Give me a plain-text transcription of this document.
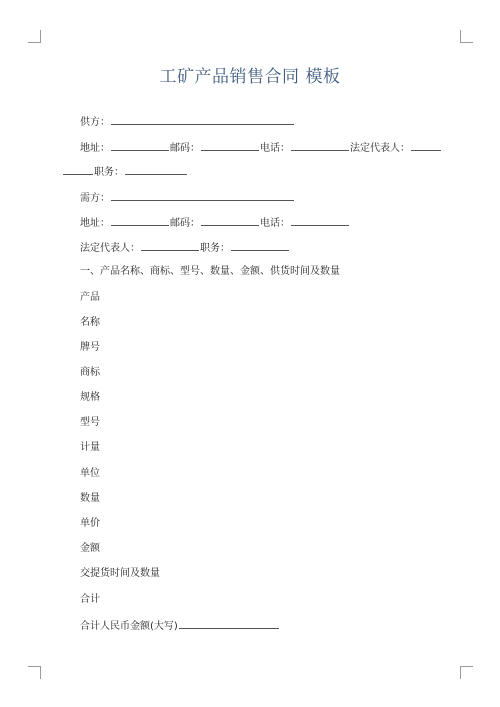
工矿产品销售合同 模板
供方：
地址：	邮码：	电话：	法定代表人：
职务：
需方：
地址：	邮码：	电话：
法定代表人：	职务：
一、产品名称、商标、型号、数量、金额、供货时间及数量
产品
名称
牌号
商标
规格
型号
计量
单位
数量
单价
金额
交提货时间及数量
合计
合计人民币金额(大写)
